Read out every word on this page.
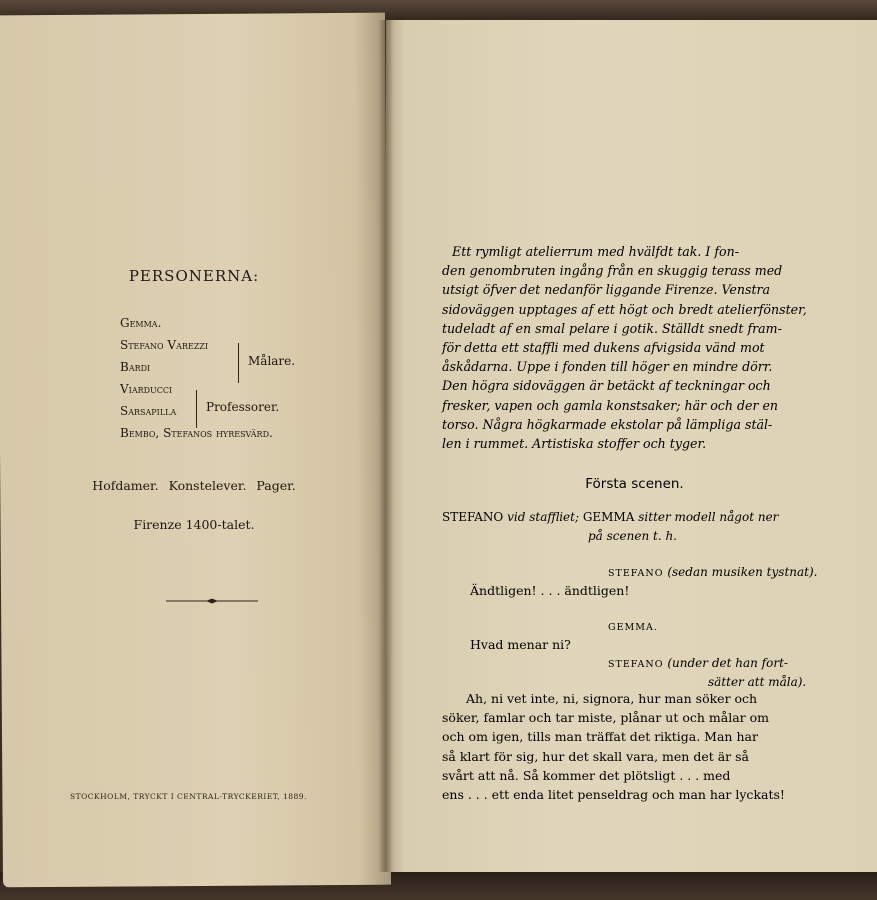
PERSONERNA:
Gemma.
Stefano Varezzi
Bardi
Viarducci
Sarsapilla
Bembo, Stefanos hyresvärd.
Målare.
Professorer.
Hofdamer. Konstelever. Pager.
Firenze 1400-talet.
STOCKHOLM, TRYCKT I CENTRAL-TRYCKERIET, 1889.
Ett rymligt atelierrum med hvälfdt tak. I fon-
den genombruten ingång från en skuggig terass med
utsigt öfver det nedanför liggande Firenze. Venstra
sidoväggen upptages af ett högt och bredt atelierfönster,
tudeladt af en smal pelare i gotik. Ställdt snedt fram-
för detta ett staffli med dukens afvigsida vänd mot
åskådarna. Uppe i fonden till höger en mindre dörr.
Den högra sidoväggen är betäckt af teckningar och
fresker, vapen och gamla konstsaker; här och der en
torso. Några högkarmade ekstolar på lämpliga stäl-
len i rummet. Artistiska stoffer och tyger.
Första scenen.
STEFANO vid staffliet; GEMMA sitter modell något ner
på scenen t. h.
STEFANO (sedan musiken tystnat).
Ändtligen! . . . ändtligen!
GEMMA.
Hvad menar ni?
STEFANO (under det han fort-
sätter att måla).
Ah, ni vet inte, ni, signora, hur man söker och
söker, famlar och tar miste, plånar ut och målar om
och om igen, tills man träffat det riktiga. Man har
så klart för sig, hur det skall vara, men det är så
svårt att nå. Så kommer det plötsligt . . . med
ens . . . ett enda litet penseldrag och man har lyckats!
